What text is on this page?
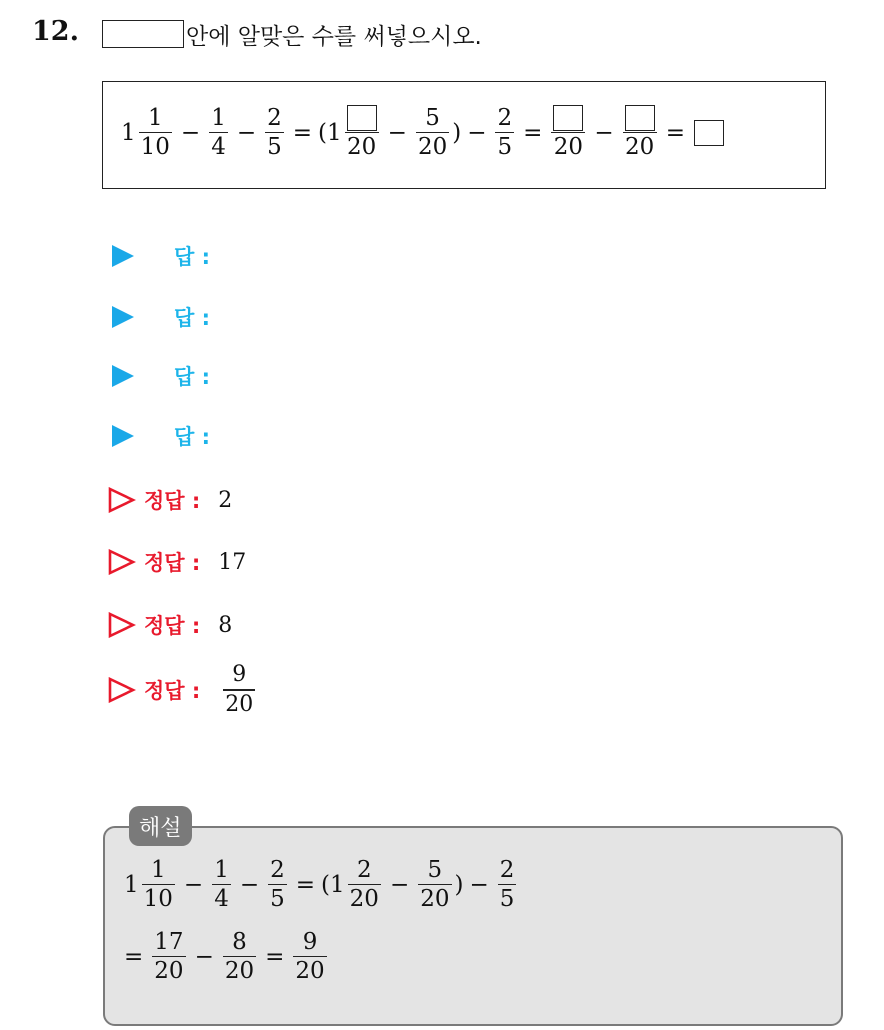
12.	안에 알맞은 수를 써넣으시오.
$1 \frac{1}{10} - \frac{1}{4} - \frac{2}{5} = (1$
20
− $\frac{5}{20}$ ) − $\frac{2}{5}$ =
20
−
20
=
답 :
답 :
답 :
답 :
정답 : 2
정답 : 17
정답 : 8
정답 : $\frac{9}{20}$
해설
$1 \frac{1}{10} - \frac{1}{4} - \frac{2}{5} = (1 \frac{2}{20} - \frac{5}{20}$ ) − $\frac{2}{5}$
= $\frac{17}{20} - \frac{8}{20} = \frac{9}{20}$
